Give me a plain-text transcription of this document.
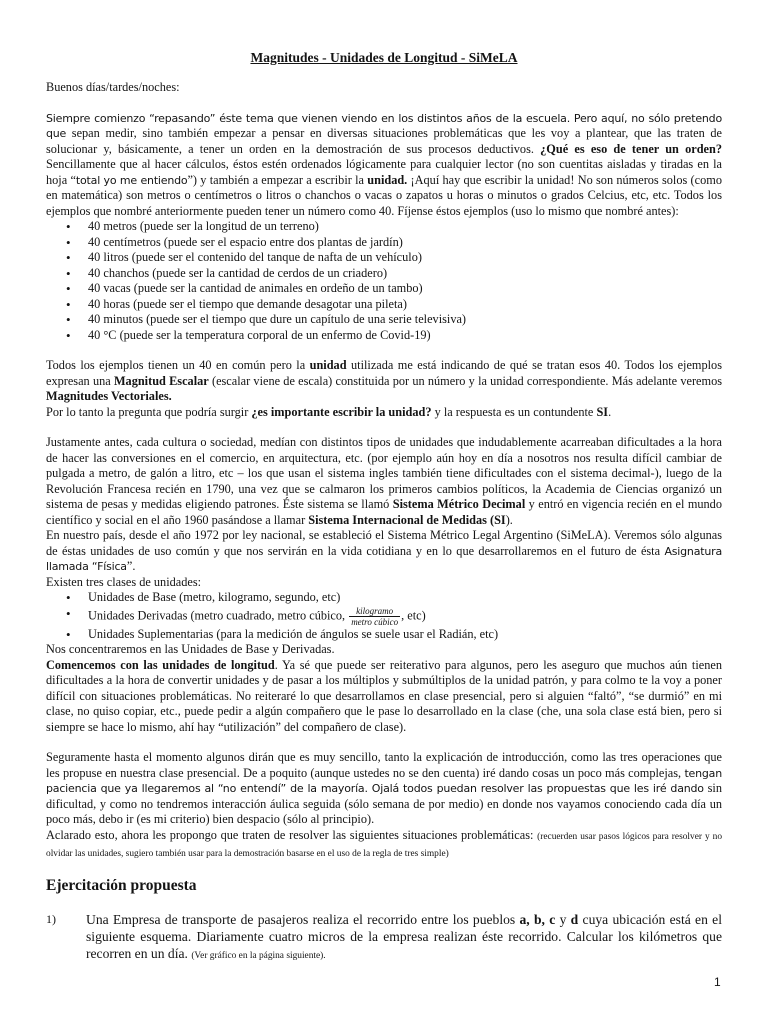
Magnitudes - Unidades de Longitud - SiMeLA

Buenos días/tardes/noches:

Siempre comienzo “repasando” éste tema que vienen viendo en los distintos años de la escuela. Pero aquí, no sólo pretendo que sepan medir, sino también empezar a pensar en diversas situaciones problemáticas que les voy a plantear, que las traten de solucionar y, básicamente, a tener un orden en la demostración de sus procesos deductivos. ¿Qué es eso de tener un orden? Sencillamente que al hacer cálculos, éstos estén ordenados lógicamente para cualquier lector (no son cuentitas aisladas y tiradas en la hoja “total yo me entiendo”) y también a empezar a escribir la unidad. ¡Aquí hay que escribir la unidad! No son números solos (como en matemática) son metros o centímetros o litros o chanchos o vacas o zapatos u horas o minutos o grados Celcius, etc, etc. Todos los ejemplos que nombré anteriormente pueden tener un número como 40. Fíjense éstos ejemplos (uso lo mismo que nombré antes):

• 40 metros (puede ser la longitud de un terreno)
• 40 centímetros (puede ser el espacio entre dos plantas de jardín)
• 40 litros (puede ser el contenido del tanque de nafta de un vehículo)
• 40 chanchos (puede ser la cantidad de cerdos de un criadero)
• 40 vacas (puede ser la cantidad de animales en ordeño de un tambo)
• 40 horas (puede ser el tiempo que demande desagotar una pileta)
• 40 minutos (puede ser el tiempo que dure un capítulo de una serie televisiva)
• 40 °C (puede ser la temperatura corporal de un enfermo de Covid-19)

Todos los ejemplos tienen un 40 en común pero la unidad utilizada me está indicando de qué se tratan esos 40. Todos los ejemplos expresan una Magnitud Escalar (escalar viene de escala) constituida por un número y la unidad correspondiente. Más adelante veremos Magnitudes Vectoriales.

Por lo tanto la pregunta que podría surgir ¿es importante escribir la unidad? y la respuesta es un contundente SI.

Justamente antes, cada cultura o sociedad, medían con distintos tipos de unidades que indudablemente acarreaban dificultades a la hora de hacer las conversiones en el comercio, en arquitectura, etc. (por ejemplo aún hoy en día a nosotros nos resulta difícil cambiar de pulgada a metro, de galón a litro, etc – los que usan el sistema ingles también tiene dificultades con el sistema decimal-), luego de la Revolución Francesa recién en 1790, una vez que se calmaron los primeros cambios políticos, la Academia de Ciencias organizó un sistema de pesas y medidas eligiendo patrones. Éste sistema se llamó Sistema Métrico Decimal y entró en vigencia recién en el mundo científico y social en el año 1960 pasándose a llamar Sistema Internacional de Medidas (SI).

En nuestro país, desde el año 1972 por ley nacional, se estableció el Sistema Métrico Legal Argentino (SiMeLA). Veremos sólo algunas de éstas unidades de uso común y que nos servirán en la vida cotidiana y en lo que desarrollaremos en el futuro de ésta Asignatura llamada “Física”.

Existen tres clases de unidades:

• Unidades de Base (metro, kilogramo, segundo, etc)
• Unidades Derivadas (metro cuadrado, metro cúbico, $\frac{\text{kilogramo}}{\text{metro cúbico}}$ , etc)
• Unidades Suplementarias (para la medición de ángulos se suele usar el Radián, etc)

Nos concentraremos en las Unidades de Base y Derivadas.

Comencemos con las unidades de longitud. Ya sé que puede ser reiterativo para algunos, pero les aseguro que muchos aún tienen dificultades a la hora de convertir unidades y de pasar a los múltiplos y submúltiplos de la unidad patrón, y para colmo te la voy a poner difícil con situaciones problemáticas. No reiteraré lo que desarrollamos en clase presencial, pero si alguien “faltó”, “se durmió” en mi clase, no quiso copiar, etc., puede pedir a algún compañero que le pase lo desarrollado en la clase (che, una sola clase está bien, pero si siempre se hace lo mismo, ahí hay “utilización” del compañero de clase).

Seguramente hasta el momento algunos dirán que es muy sencillo, tanto la explicación de introducción, como las tres operaciones que les propuse en nuestra clase presencial. De a poquito (aunque ustedes no se den cuenta) iré dando cosas un poco más complejas, tengan paciencia que ya llegaremos al “no entendí” de la mayoría. Ojalá todos puedan resolver las propuestas que les iré dando sin dificultad, y como no tendremos interacción áulica seguida (sólo semana de por medio) en donde nos vayamos conociendo cada día un poco más, debo ir (es mi criterio) bien despacio (sólo al principio).

Aclarado esto, ahora les propongo que traten de resolver las siguientes situaciones problemáticas: (recuerden usar pasos lógicos para resolver y no olvidar las unidades, sugiero también usar para la demostración basarse en el uso de la regla de tres simple)

Ejercitación propuesta
1)	Una Empresa de transporte de pasajeros realiza el recorrido entre los pueblos a, b, c y d cuya ubicación está en el siguiente esquema. Diariamente cuatro micros de la empresa realizan éste recorrido. Calcular los kilómetros que recorren en un día. (Ver gráfico en la página siguiente).
1
